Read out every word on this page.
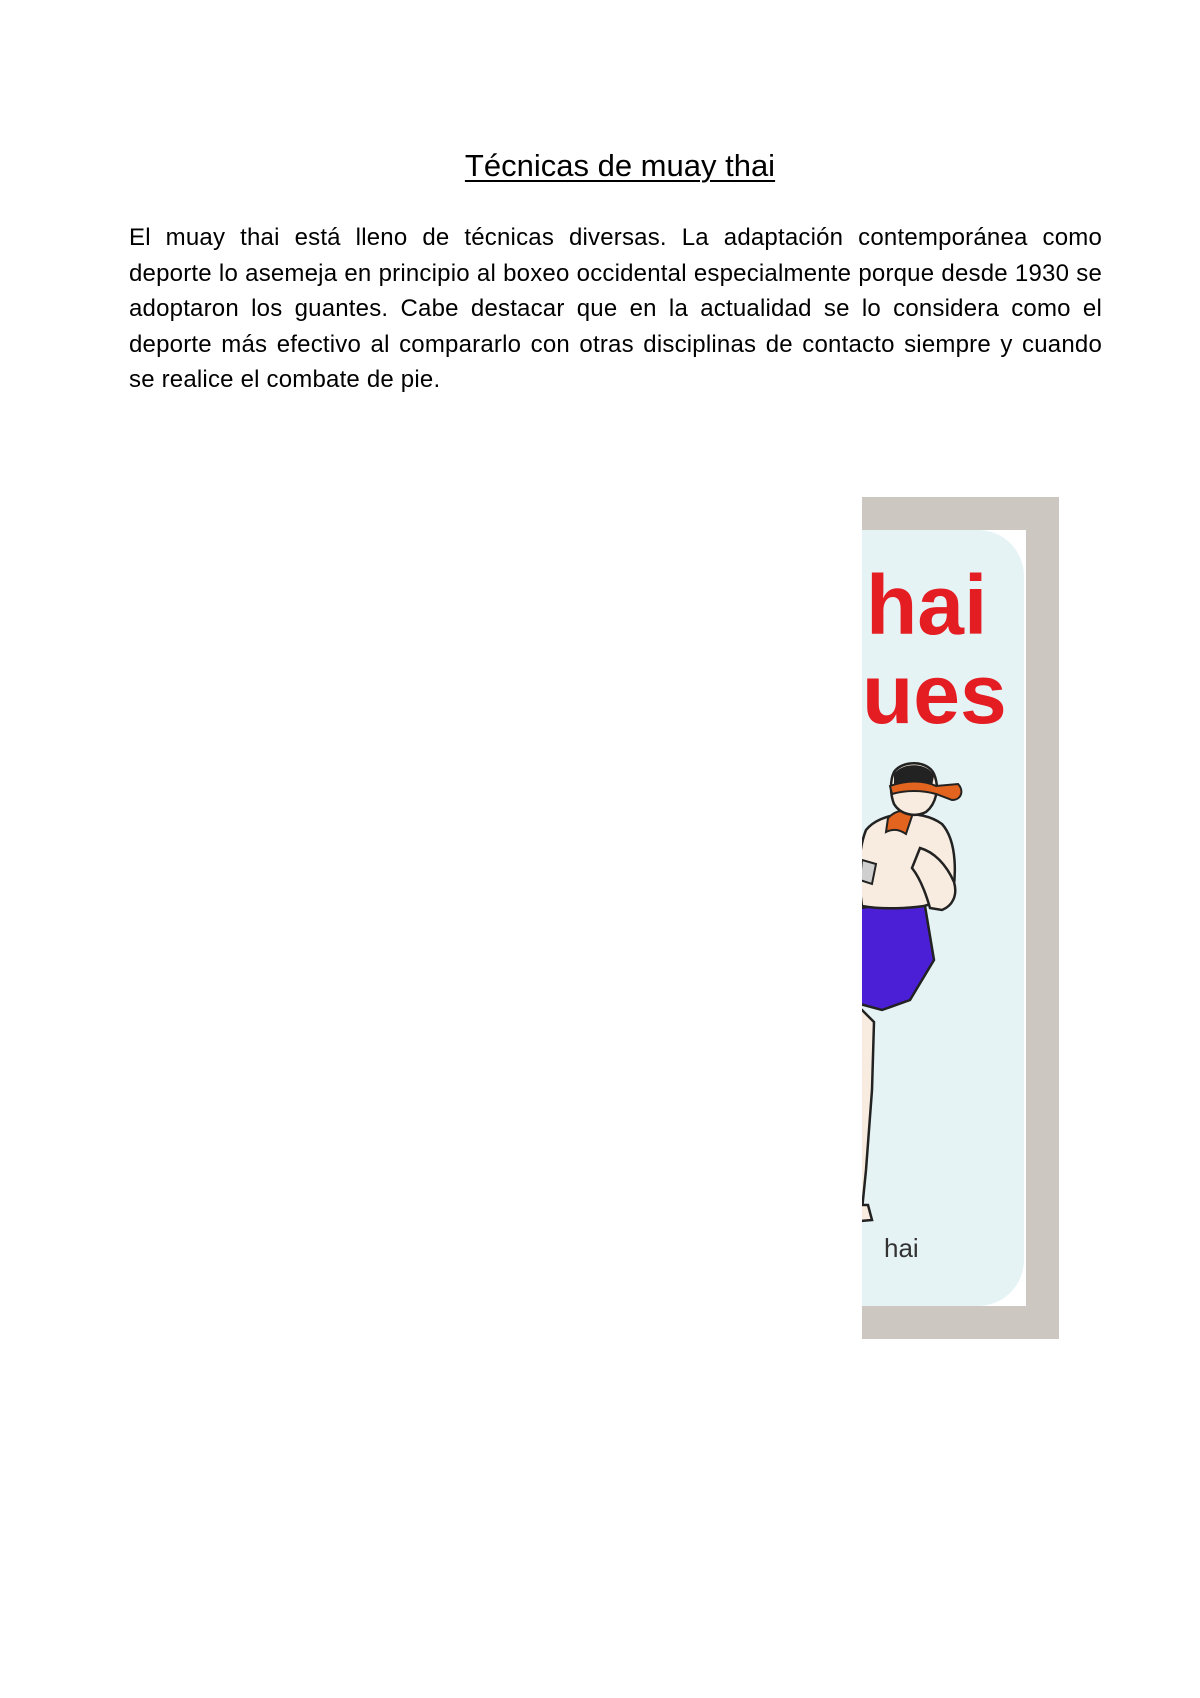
Técnicas de muay thai

El muay thai está lleno de técnicas diversas. La adaptación contemporánea como deporte lo asemeja en principio al boxeo occidental especialmente porque desde 1930 se adoptaron los guantes. Cabe destacar que en la actualidad se lo considera como el deporte más efectivo al compararlo con otras disciplinas de contacto siempre y cuando se realice el combate de pie.

hai
ues
hai
